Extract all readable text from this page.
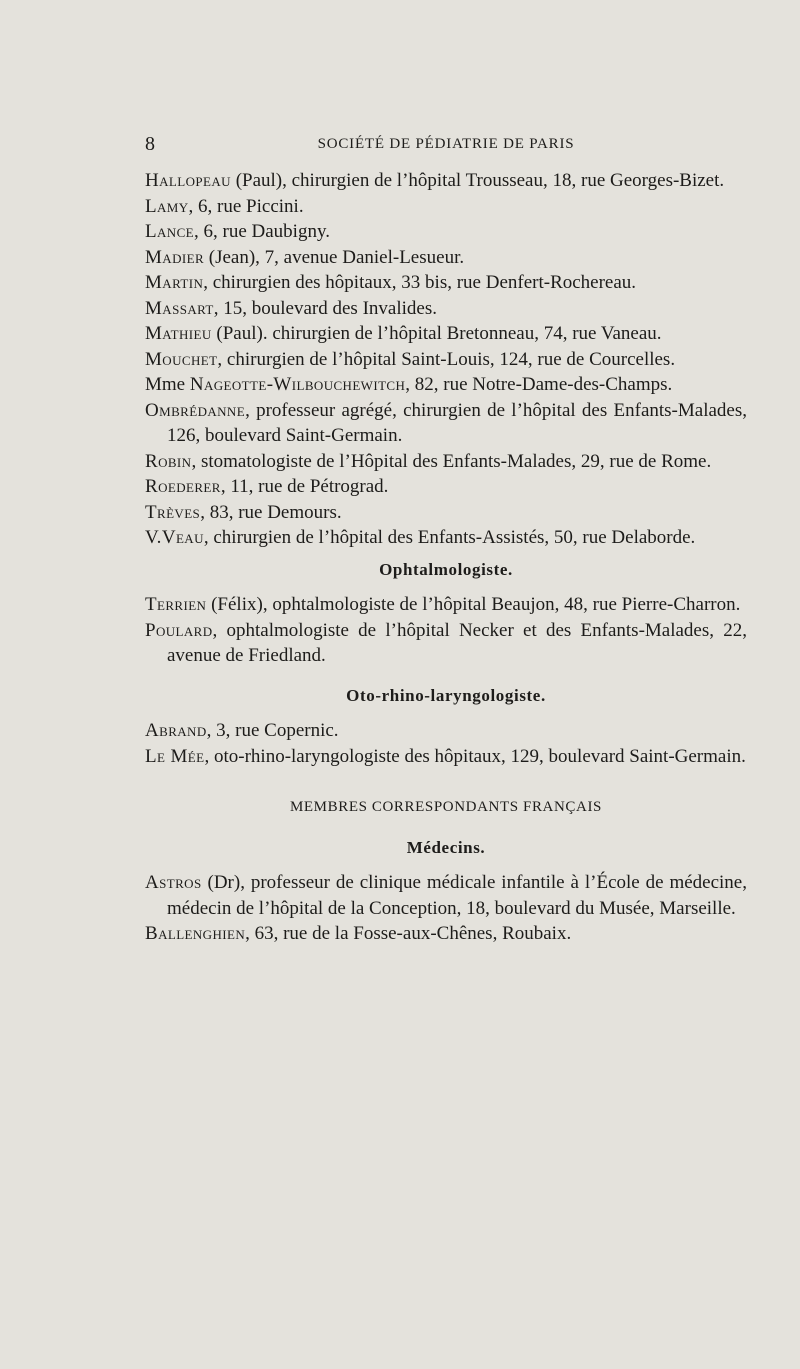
8	SOCIÉTÉ DE PÉDIATRIE DE PARIS

Hallopeau (Paul), chirurgien de l’hôpital Trousseau, 18, rue Georges-Bizet.

Lamy, 6, rue Piccini.

Lance, 6, rue Daubigny.

Madier (Jean), 7, avenue Daniel-Lesueur.

Martin, chirurgien des hôpitaux, 33 bis, rue Denfert-Rochereau.

Massart, 15, boulevard des Invalides.

Mathieu (Paul). chirurgien de l’hôpital Bretonneau, 74, rue Vaneau.

Mouchet, chirurgien de l’hôpital Saint-Louis, 124, rue de Courcelles.

Mme Nageotte-Wilbouchewitch, 82, rue Notre-Dame-des-Champs.

Ombrédanne, professeur agrégé, chirurgien de l’hôpital des Enfants-Malades, 126, boulevard Saint-Germain.

Robin, stomatologiste de l’Hôpital des Enfants-Malades, 29, rue de Rome.

Roederer, 11, rue de Pétrograd.

Trèves, 83, rue Demours.

V.Veau, chirurgien de l’hôpital des Enfants-Assistés, 50, rue Delaborde.

Ophtalmologiste.

Terrien (Félix), ophtalmologiste de l’hôpital Beaujon, 48, rue Pierre-Charron.

Poulard, ophtalmologiste de l’hôpital Necker et des Enfants-Malades, 22, avenue de Friedland.

Oto-rhino-laryngologiste.

Abrand, 3, rue Copernic.

Le Mée, oto-rhino-laryngologiste des hôpitaux, 129, boulevard Saint-Germain.

MEMBRES CORRESPONDANTS FRANÇAIS
Médecins.

Astros (Dr), professeur de clinique médicale infantile à l’École de médecine, médecin de l’hôpital de la Conception, 18, boulevard du Musée, Marseille.

Ballenghien, 63, rue de la Fosse-aux-Chênes, Roubaix.
